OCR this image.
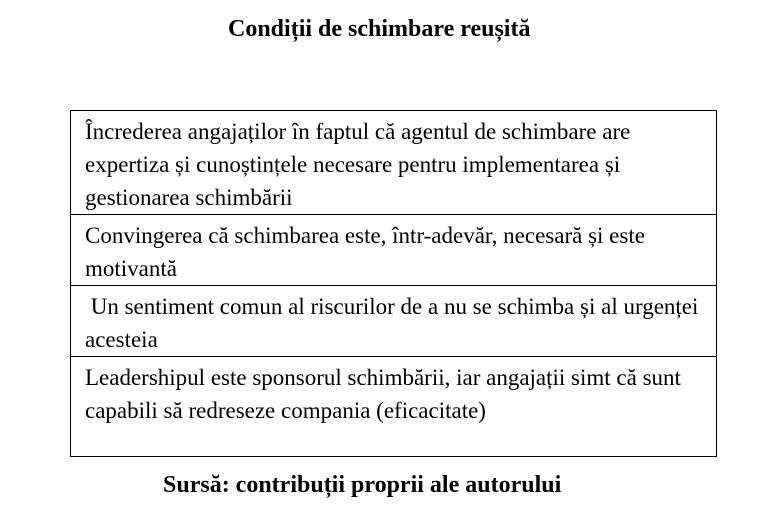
Condiții de schimbare reușită
Încrederea angajaților în faptul că agentul de schimbare are expertiza și cunoștințele necesare pentru implementarea și gestionarea schimbării
Convingerea că schimbarea este, într-adevăr, necesară și este motivantă
Un sentiment comun al riscurilor de a nu se schimba și al urgenței acesteia
Leadershipul este sponsorul schimbării, iar angajații simt că sunt capabili să redreseze compania (eficacitate)
Sursă: contribuții proprii ale autorului
